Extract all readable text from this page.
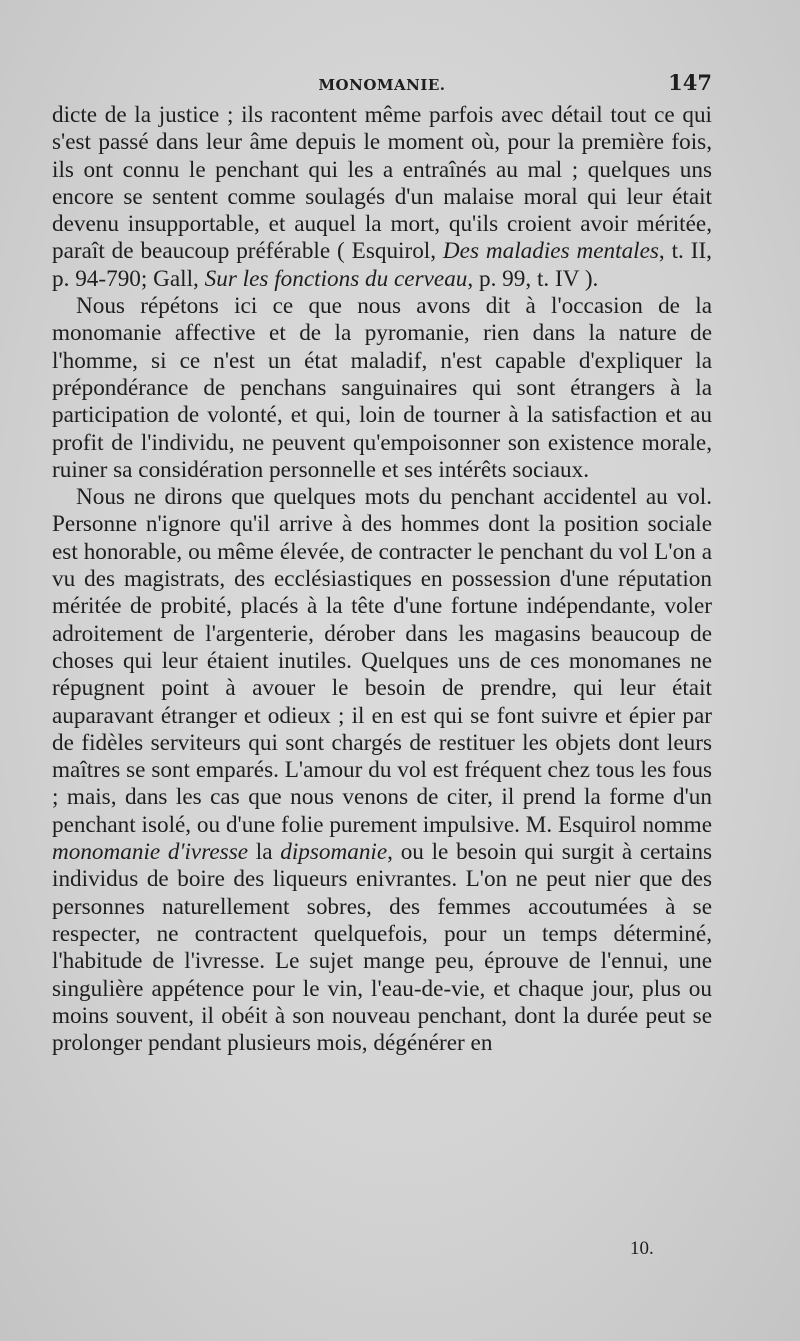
MONOMANIE.	147

dicte de la justice ; ils racontent même parfois avec détail tout ce qui s'est passé dans leur âme depuis le moment où, pour la première fois, ils ont connu le penchant qui les a entraînés au mal ; quelques uns encore se sentent comme soulagés d'un malaise moral qui leur était devenu insupportable, et auquel la mort, qu'ils croient avoir méritée, paraît de beaucoup préférable ( Esquirol, Des maladies mentales, t. II, p. 94-790; Gall, Sur les fonctions du cerveau, p. 99, t. IV ).

Nous répétons ici ce que nous avons dit à l'occasion de la monomanie affective et de la pyromanie, rien dans la nature de l'homme, si ce n'est un état maladif, n'est capable d'expliquer la prépondérance de penchans sanguinaires qui sont étrangers à la participation de volonté, et qui, loin de tourner à la satisfaction et au profit de l'individu, ne peuvent qu'empoisonner son existence morale, ruiner sa considération personnelle et ses intérêts sociaux.

Nous ne dirons que quelques mots du penchant accidentel au vol. Personne n'ignore qu'il arrive à des hommes dont la position sociale est honorable, ou même élevée, de contracter le penchant du vol L'on a vu des magistrats, des ecclésiastiques en possession d'une réputation méritée de probité, placés à la tête d'une fortune indépendante, voler adroitement de l'argenterie, dérober dans les magasins beaucoup de choses qui leur étaient inutiles. Quelques uns de ces monomanes ne répugnent point à avouer le besoin de prendre, qui leur était auparavant étranger et odieux ; il en est qui se font suivre et épier par de fidèles serviteurs qui sont chargés de restituer les objets dont leurs maîtres se sont emparés. L'amour du vol est fréquent chez tous les fous ; mais, dans les cas que nous venons de citer, il prend la forme d'un penchant isolé, ou d'une folie purement impulsive. M. Esquirol nomme monomanie d'ivresse la dipsomanie, ou le besoin qui surgit à certains individus de boire des liqueurs enivrantes. L'on ne peut nier que des personnes naturellement sobres, des femmes accoutumées à se respecter, ne contractent quelquefois, pour un temps déterminé, l'habitude de l'ivresse. Le sujet mange peu, éprouve de l'ennui, une singulière appétence pour le vin, l'eau-de-vie, et chaque jour, plus ou moins souvent, il obéit à son nouveau penchant, dont la durée peut se prolonger pendant plusieurs mois, dégénérer en

10.
